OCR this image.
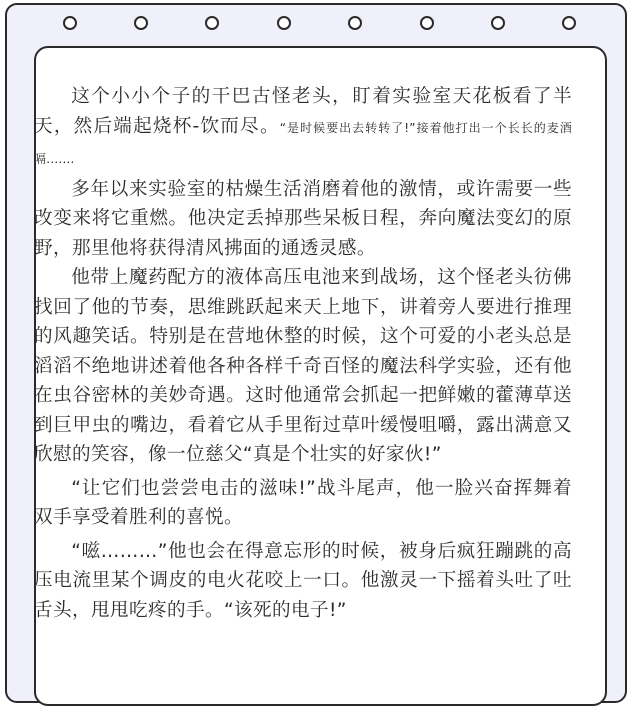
这个小小个子的干巴古怪老头，盯着实验室天花板看了半天，然后端起烧杯-饮而尽。“是时候要出去转转了!”接着他打出一个长长的麦酒嗝.……

多年以来实验室的枯燥生活消磨着他的激情，或许需要一些改变来将它重燃。他决定丢掉那些呆板日程，奔向魔法变幻的原野，那里他将获得清风拂面的通透灵感。

他带上魔药配方的液体高压电池来到战场，这个怪老头彷佛找回了他的节奏，思维跳跃起来天上地下，讲着旁人要进行推理的风趣笑话。特别是在营地休整的时候，这个可爱的小老头总是滔滔不绝地讲述着他各种各样千奇百怪的魔法科学实验，还有他在虫谷密林的美妙奇遇。这时他通常会抓起一把鲜嫩的藿薄草送到巨甲虫的嘴边，看着它从手里衔过草叶缓慢咀嚼，露出满意又欣慰的笑容，像一位慈父“真是个壮实的好家伙!”

“让它们也尝尝电击的滋味!”战斗尾声，他一脸兴奋挥舞着双手享受着胜利的喜悦。

“嗞………”他也会在得意忘形的时候，被身后疯狂蹦跳的高压电流里某个调皮的电火花咬上一口。他激灵一下摇着头吐了吐舌头，甩甩吃疼的手。“该死的电子!”
